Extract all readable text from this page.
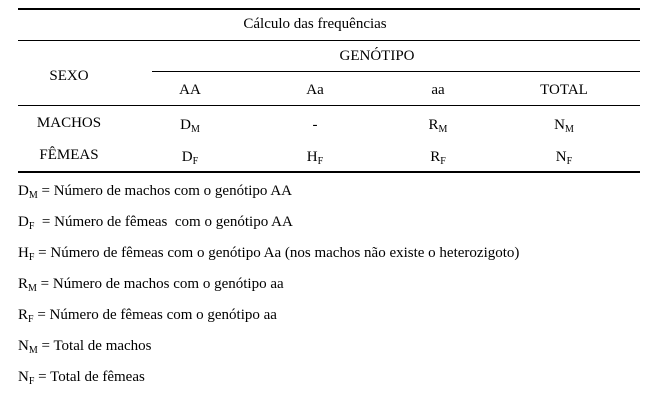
Cálculo das frequências
SEXO
GENÓTIPO
AA	Aa	aa	TOTAL
MACHOS	$D_M$	-	$R_M$	$N_M$
FÊMEAS	$D_F$	$H_F$	$R_F$	$N_F$
$D_M$ = Número de machos com o genótipo AA
$D_F$  = Número de fêmeas  com o genótipo AA
$H_F$ = Número de fêmeas com o genótipo Aa (nos machos não existe o heterozigoto)
$R_M$ = Número de machos com o genótipo aa
$R_F$ = Número de fêmeas com o genótipo aa
$N_M$ = Total de machos
$N_F$ = Total de fêmeas
